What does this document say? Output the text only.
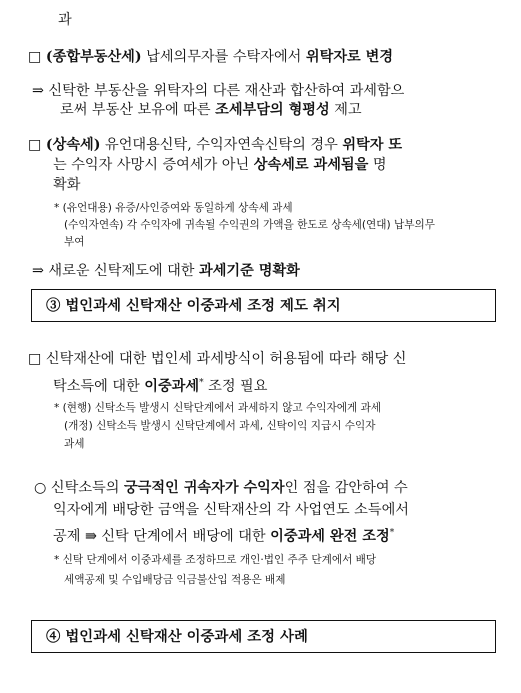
과
□ (종합부동산세) 납세의무자를 수탁자에서 위탁자로 변경
⇒ 신탁한 부동산을 위탁자의 다른 재산과 합산하여 과세함으
로써 부동산 보유에 따른 조세부담의 형평성 제고
□ (상속세) 유언대용신탁, 수익자연속신탁의 경우 위탁자 또
는 수익자 사망시 증여세가 아닌 상속세로 과세됨을 명
확화
* (유언대용) 유증/사인증여와 동일하게 상속세 과세
(수익자연속) 각 수익자에 귀속될 수익권의 가액을 한도로 상속세(연대) 납부의무
부여
⇒ 새로운 신탁제도에 대한 과세기준 명확화
③ 법인과세 신탁재산 이중과세 조정 제도 취지
□ 신탁재산에 대한 법인세 과세방식이 허용됨에 따라 해당 신
탁소득에 대한 이중과세* 조정 필요
* (현행) 신탁소득 발생시 신탁단계에서 과세하지 않고 수익자에게 과세
(개정) 신탁소득 발생시 신탁단계에서 과세, 신탁이익 지급시 수익자
과세
○ 신탁소득의 궁극적인 귀속자가 수익자인 점을 감안하여 수
익자에게 배당한 금액을 신탁재산의 각 사업연도 소득에서
공제 ⇛ 신탁 단계에서 배당에 대한 이중과세 완전 조정*
* 신탁 단계에서 이중과세를 조정하므로 개인·법인 주주 단계에서 배당
세액공제 및 수입배당금 익금불산입 적용은 배제
④ 법인과세 신탁재산 이중과세 조정 사례
